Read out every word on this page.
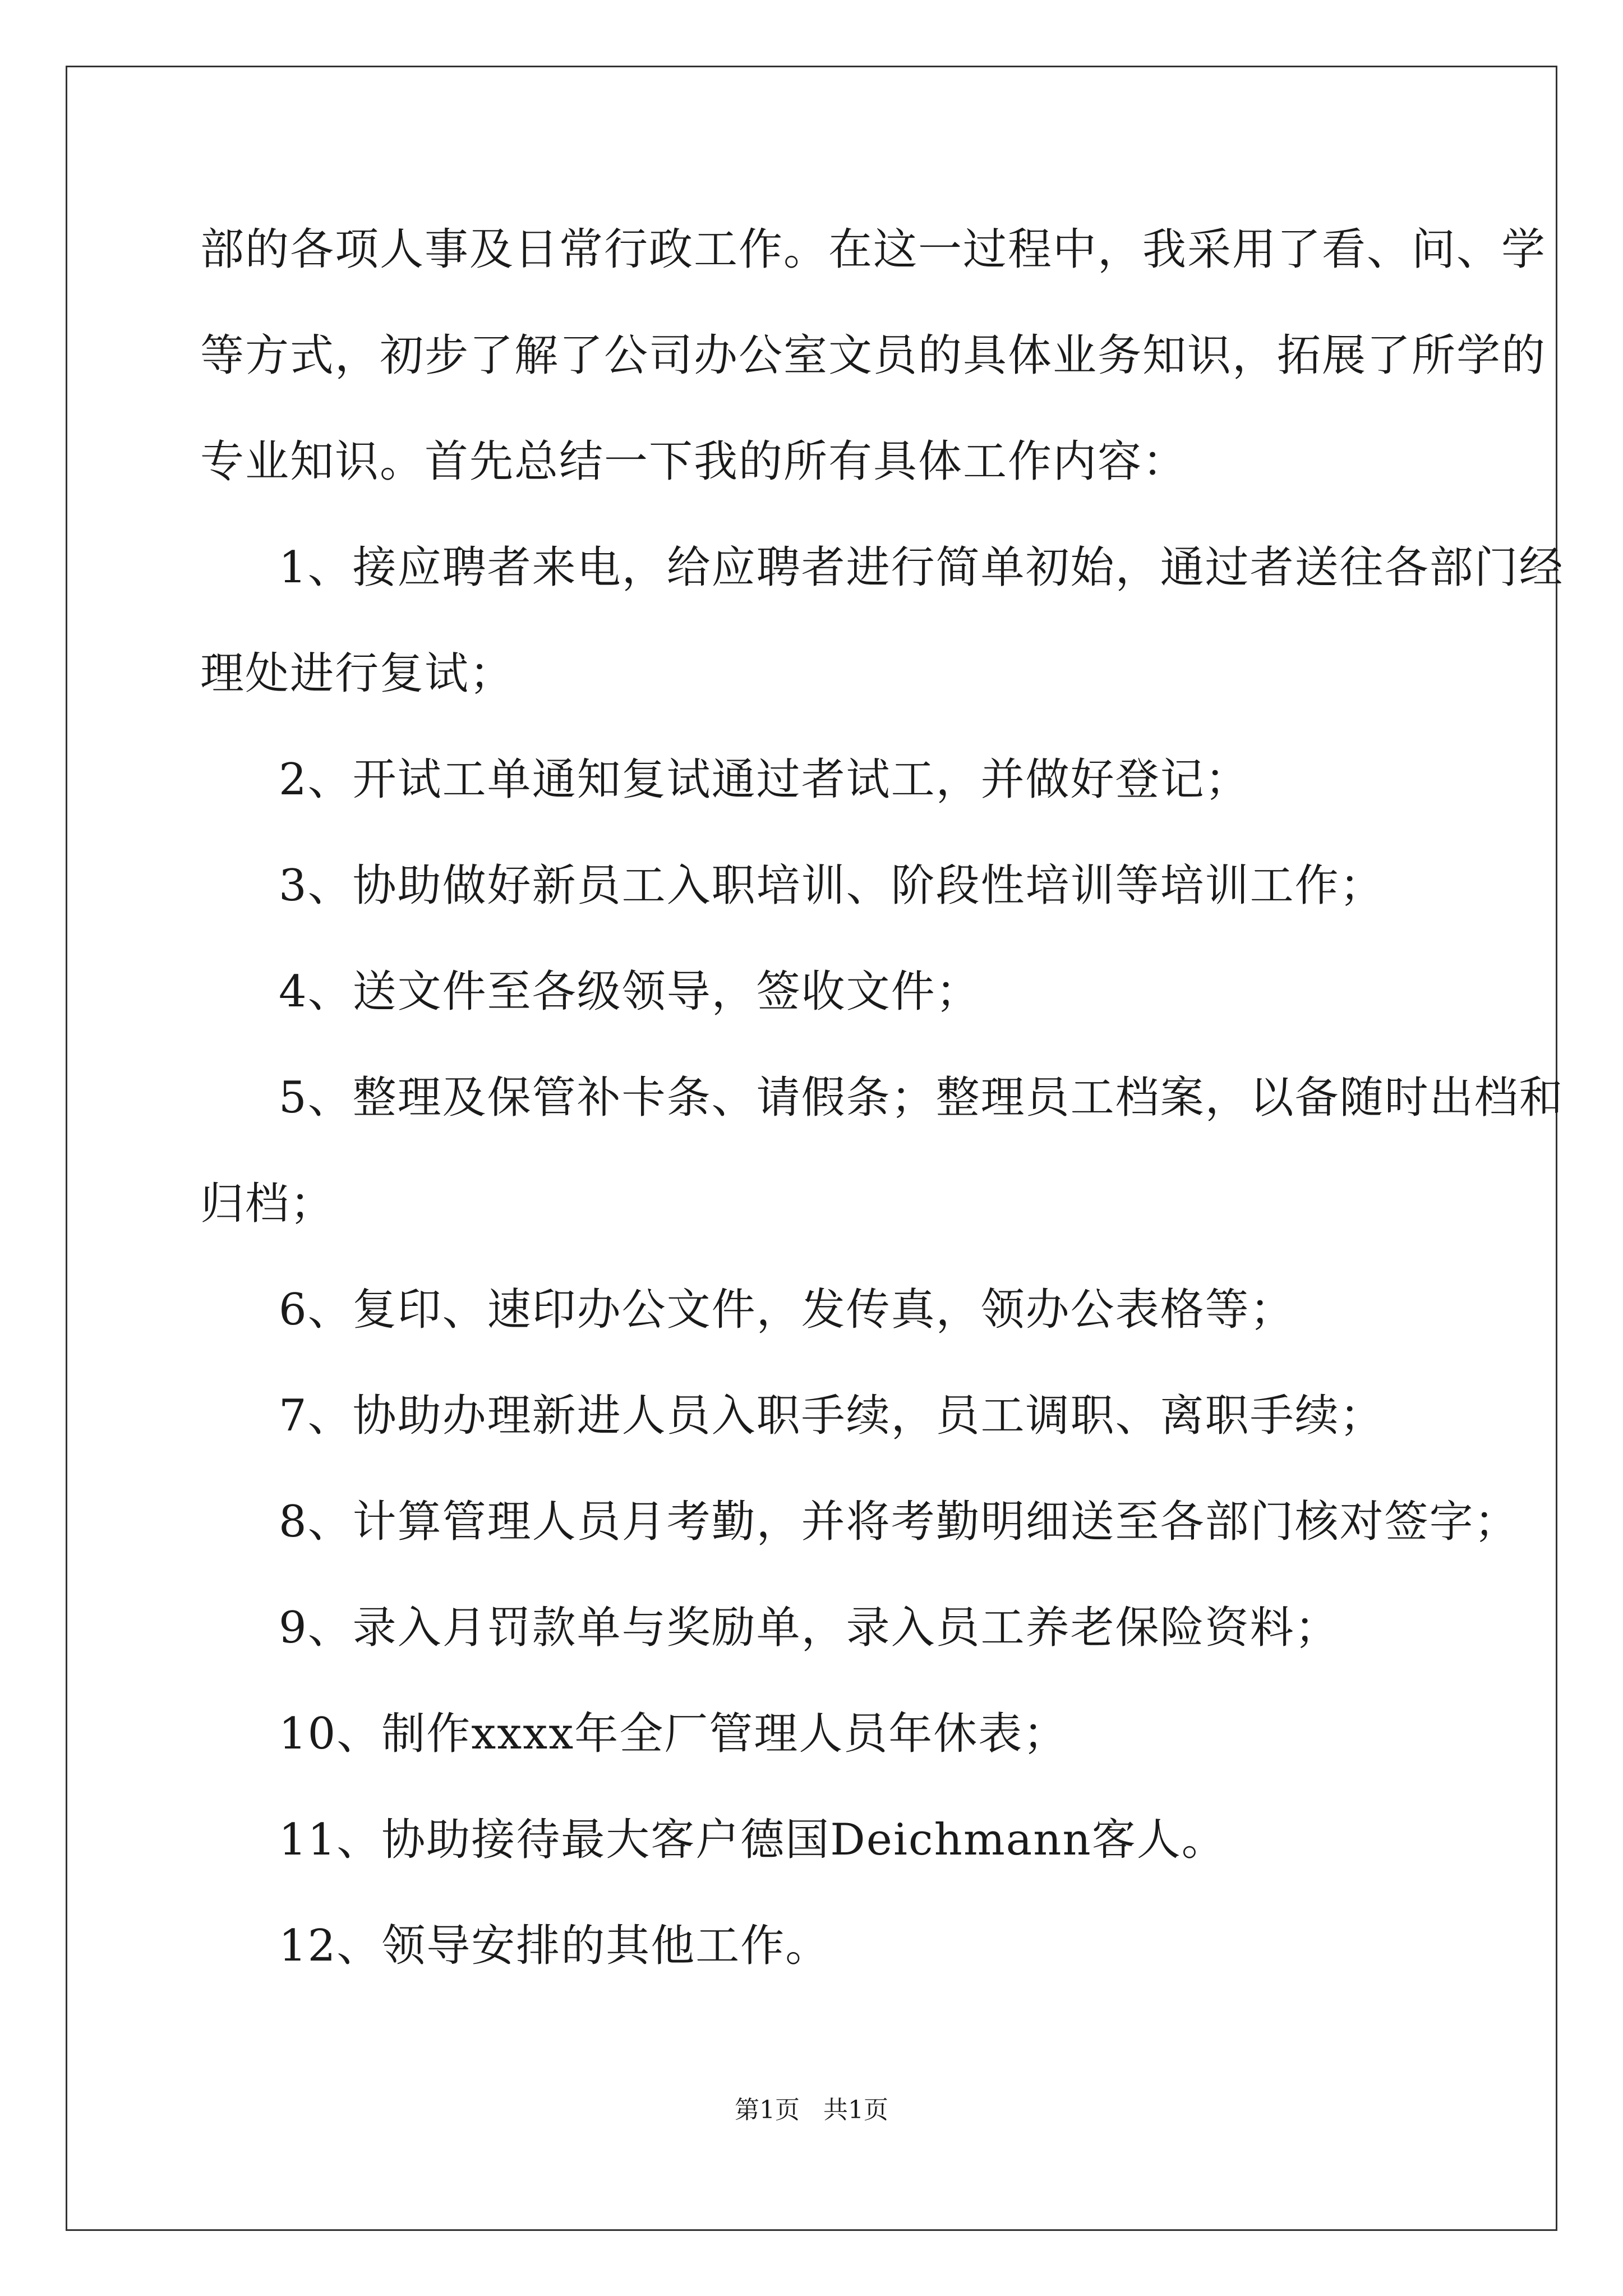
部的各项人事及日常行政工作。在这一过程中，我采用了看、问、学
等方式，初步了解了公司办公室文员的具体业务知识，拓展了所学的
专业知识。首先总结一下我的所有具体工作内容：
1、接应聘者来电，给应聘者进行简单初始，通过者送往各部门经
理处进行复试；
2、开试工单通知复试通过者试工，并做好登记；
3、协助做好新员工入职培训、阶段性培训等培训工作；
4、送文件至各级领导，签收文件；
5、整理及保管补卡条、请假条；整理员工档案，以备随时出档和
归档；
6、复印、速印办公文件，发传真，领办公表格等；
7、协助办理新进人员入职手续，员工调职、离职手续；
8、计算管理人员月考勤，并将考勤明细送至各部门核对签字；
9、录入月罚款单与奖励单，录入员工养老保险资料；
10、制作xxxx年全厂管理人员年休表；
11、协助接待最大客户德国Deichmann客人。
12、领导安排的其他工作。
第1页   共1页
